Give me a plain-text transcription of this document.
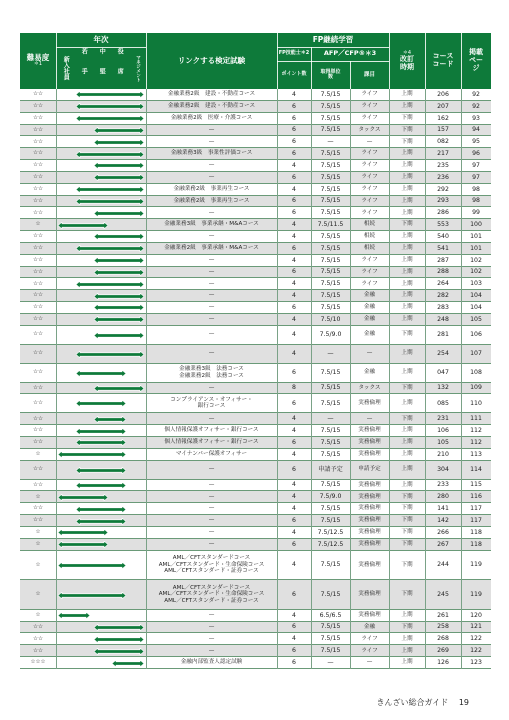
難易度
＊1
年次
新入社員	若手	中堅	役席	マネジメント	リンクする検定試験
FP継続学習
FP技能士＊2
ポイント数
AFP／CFP®＊3
取得単位数	課目
＊4
改訂時期
コースコード
掲載ページ
☆☆	金融業務2級　建設・不動産コース	4	7.5/15	ライフ	上期	206	92
☆☆	金融業務2級　建設・不動産コース	6	7.5/15	ライフ	上期	207	92
☆☆	金融業務2級　医療・介護コース	6	7.5/15	ライフ	下期	162	93
☆☆	—	6	7.5/15	タックス	下期	157	94
☆☆	—	6	—	—	下期	082	95
☆☆	金融業務3級　事業性評価コース	6	7.5/15	ライフ	上期	217	96
☆☆	—	4	7.5/15	ライフ	上期	235	97
☆☆	—	6	7.5/15	ライフ	上期	236	97
☆☆	金融業務2級　事業再生コース	4	7.5/15	ライフ	上期	292	98
☆☆	金融業務2級　事業再生コース	6	7.5/15	ライフ	上期	293	98
☆☆	—	6	7.5/15	ライフ	上期	286	99
☆	金融業務3級　事業承継・M&Aコース	4	7.5/11.5	相続	下期	553	100
☆☆	—	4	7.5/15	相続	上期	540	101
☆☆	金融業務2級　事業承継・M&Aコース	6	7.5/15	相続	上期	541	101
☆☆	—	4	7.5/15	ライフ	上期	287	102
☆☆	—	6	7.5/15	ライフ	上期	288	102
☆☆	—	4	7.5/15	ライフ	上期	264	103
☆☆	—	4	7.5/15	金融	上期	282	104
☆☆	—	6	7.5/15	金融	上期	283	104
☆☆	—	4	7.5/10	金融	上期	248	105
☆☆	—	4	7.5/9.0	金融	下期	281	106
☆☆	—	4	—	—	上期	254	107
☆☆
金融業務3級　法務コース
金融業務2級　法務コース	6	7.5/15	金融	上期	047	108
☆☆	—	8	7.5/15	タックス	下期	132	109
☆☆
コンプライアンス・オフィサー・
銀行コース	6	7.5/15	実務倫理	上期	085	110
☆☆	—	4	—	—	下期	231	111
☆☆	個人情報保護オフィサー・銀行コース	4	7.5/15	実務倫理	上期	106	112
☆☆	個人情報保護オフィサー・銀行コース	6	7.5/15	実務倫理	上期	105	112
☆	マイナンバー保護オフィサー	4	7.5/15	実務倫理	上期	210	113
☆☆	—	6	申請予定	申請予定	上期	304	114
☆☆	—	4	7.5/15	実務倫理	上期	233	115
☆	—	4	7.5/9.0	実務倫理	下期	280	116
☆☆	—	4	7.5/15	実務倫理	下期	141	117
☆☆	—	6	7.5/15	実務倫理	下期	142	117
☆	—	4	7.5/12.5	実務倫理	下期	266	118
☆	—	6	7.5/12.5	実務倫理	下期	267	118
☆
AML／CFTスタンダードコース
AML／CFTスタンダード・生命保険コース
AML／CFTスタンダード・証券コース
4	7.5/15	実務倫理	下期	244	119
☆
AML／CFTスタンダードコース
AML／CFTスタンダード・生命保険コース
AML／CFTスタンダード・証券コース
6	7.5/15	実務倫理	下期	245	119
☆	—	4	6.5/6.5	実務倫理	上期	261	120
☆☆	—	6	7.5/15	金融	下期	258	121
☆☆	—	4	7.5/15	ライフ	上期	268	122
☆☆	—	6	7.5/15	ライフ	上期	269	122
☆☆☆	金融内部監査人認定試験	6	—	—	上期	126	123
きんざい総合ガイド 19
